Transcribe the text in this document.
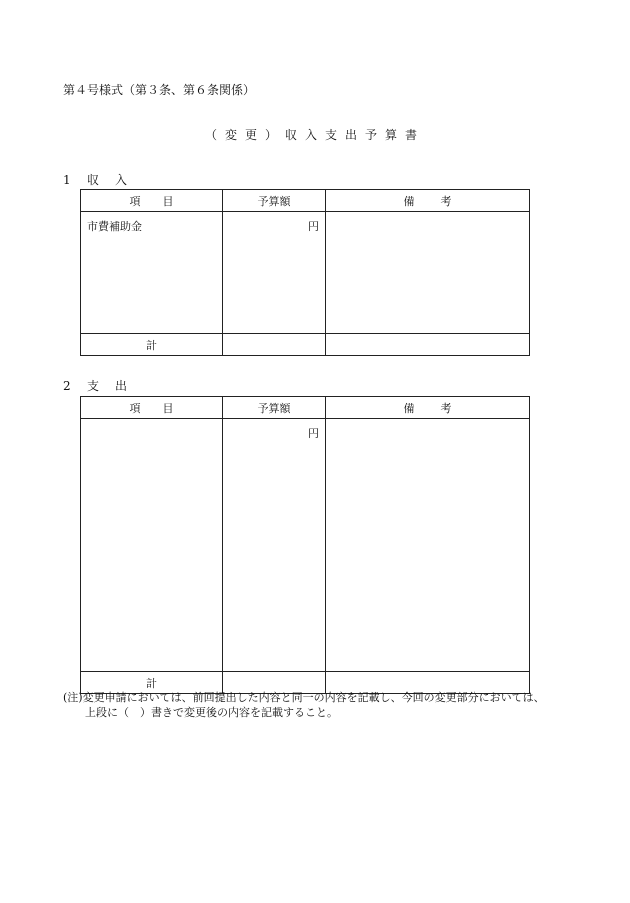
第４号様式（第３条、第６条関係）
（変更）収入支出予算書
1 収　入
項目	予算額	備考
市費補助金	円	
計		
2 支　出
項目	予算額	備考
	円	
計		
(注)変更申請においては、前回提出した内容と同一の内容を記載し、今回の変更部分においては、
上段に（　）書きで変更後の内容を記載すること。
